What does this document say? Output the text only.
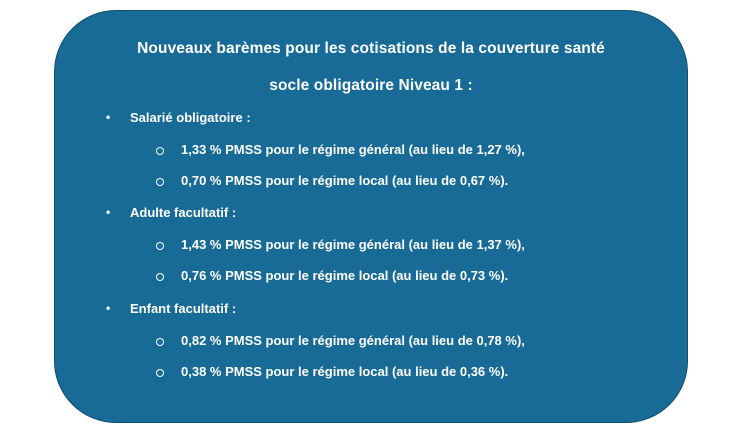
Nouveaux barèmes pour les cotisations de la couverture santé
socle obligatoire Niveau 1 :
• Salarié obligatoire :
1,33 % PMSS pour le régime général (au lieu de 1,27 %),
0,70 % PMSS pour le régime local (au lieu de 0,67 %).
• Adulte facultatif :
1,43 % PMSS pour le régime général (au lieu de 1,37 %),
0,76 % PMSS pour le régime local (au lieu de 0,73 %).
• Enfant facultatif :
0,82 % PMSS pour le régime général (au lieu de 0,78 %),
0,38 % PMSS pour le régime local (au lieu de 0,36 %).
